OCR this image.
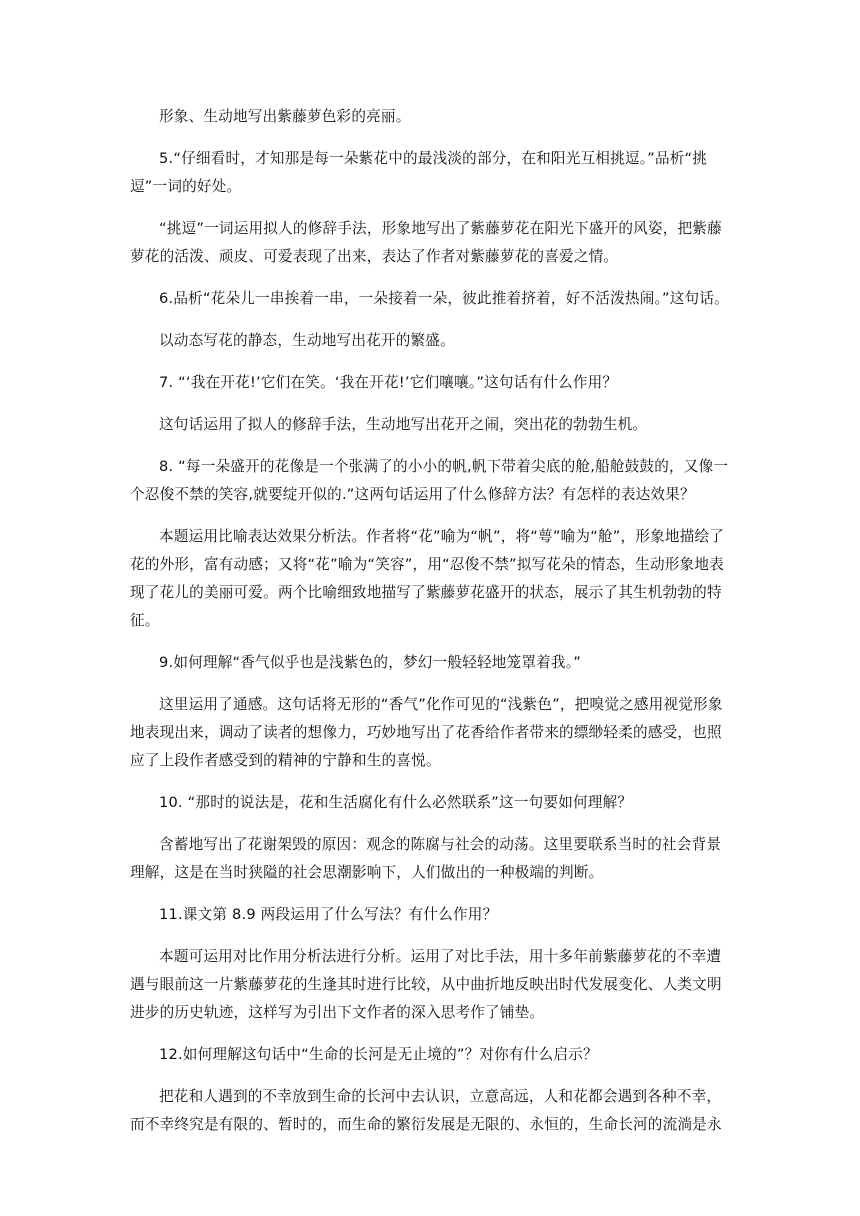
形象、生动地写出紫藤萝色彩的亮丽。

5.“仔细看时，才知那是每一朵紫花中的最浅淡的部分，在和阳光互相挑逗。”品析“挑逗”一词的好处。

“挑逗”一词运用拟人的修辞手法，形象地写出了紫藤萝花在阳光下盛开的风姿，把紫藤萝花的活泼、顽皮、可爱表现了出来，表达了作者对紫藤萝花的喜爱之情。

6.品析“花朵儿一串挨着一串，一朵接着一朵，彼此推着挤着，好不活泼热闹。”这句话。

以动态写花的静态，生动地写出花开的繁盛。

7. “‘我在开花!’它们在笑。‘我在开花!’它们嚷嚷。”这句话有什么作用？

这句话运用了拟人的修辞手法，生动地写出花开之闹，突出花的勃勃生机。

8. “每一朵盛开的花像是一个张满了的小小的帆,帆下带着尖底的舱,船舱鼓鼓的，又像一个忍俊不禁的笑容,就要绽开似的.”这两句话运用了什么修辞方法？有怎样的表达效果？

本题运用比喻表达效果分析法。作者将“花”喻为“帆”，将“萼”喻为“舱”，形象地描绘了花的外形，富有动感；又将“花”喻为“笑容”，用“忍俊不禁”拟写花朵的情态，生动形象地表现了花儿的美丽可爱。两个比喻细致地描写了紫藤萝花盛开的状态，展示了其生机勃勃的特征。

9.如何理解“香气似乎也是浅紫色的，梦幻一般轻轻地笼罩着我。”

这里运用了通感。这句话将无形的“香气”化作可见的“浅紫色”，把嗅觉之感用视觉形象地表现出来，调动了读者的想像力，巧妙地写出了花香给作者带来的缥缈轻柔的感受，也照应了上段作者感受到的精神的宁静和生的喜悦。

10. “那时的说法是，花和生活腐化有什么必然联系”这一句要如何理解？

含蓄地写出了花谢架毁的原因：观念的陈腐与社会的动荡。这里要联系当时的社会背景理解，这是在当时狭隘的社会思潮影响下，人们做出的一种极端的判断。

11.课文第 8.9 两段运用了什么写法？有什么作用？

本题可运用对比作用分析法进行分析。运用了对比手法，用十多年前紫藤萝花的不幸遭遇与眼前这一片紫藤萝花的生逢其时进行比较，从中曲折地反映出时代发展变化、人类文明进步的历史轨迹，这样写为引出下文作者的深入思考作了铺垫。

12.如何理解这句话中“生命的长河是无止境的”？对你有什么启示？

把花和人遇到的不幸放到生命的长河中去认识，立意高远，人和花都会遇到各种不幸，而不幸终究是有限的、暂时的，而生命的繁衍发展是无限的、永恒的，生命长河的流淌是永
